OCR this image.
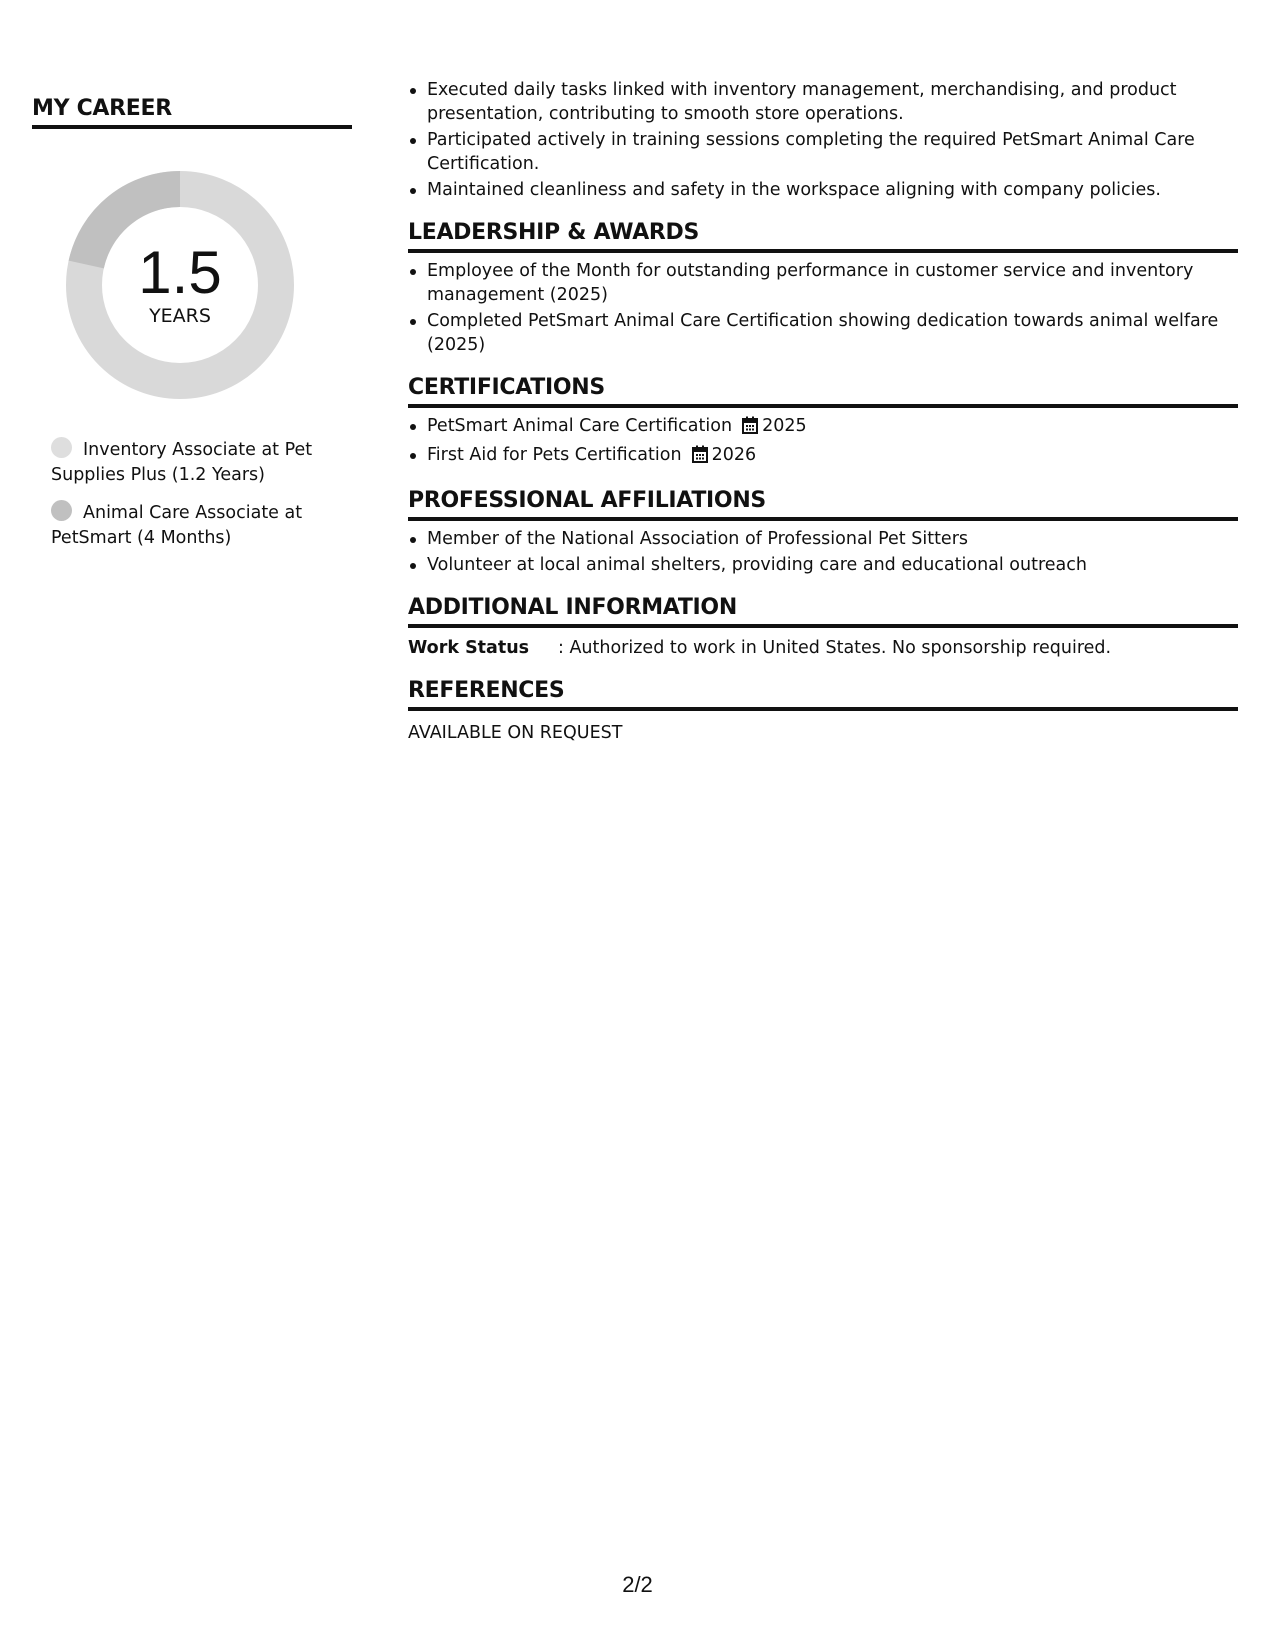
MY CAREER
1.5
YEARS
Inventory Associate at Pet Supplies Plus (1.2 Years)
Animal Care Associate at PetSmart (4 Months)
Executed daily tasks linked with inventory management, merchandising, and product presentation, contributing to smooth store operations.
Participated actively in training sessions completing the required PetSmart Animal Care Certification.
Maintained cleanliness and safety in the workspace aligning with company policies.
LEADERSHIP & AWARDS
Employee of the Month for outstanding performance in customer service and inventory management (2025)
Completed PetSmart Animal Care Certification showing dedication towards animal welfare (2025)
CERTIFICATIONS
PetSmart Animal Care Certification 2025
First Aid for Pets Certification 2026
PROFESSIONAL AFFILIATIONS
Member of the National Association of Professional Pet Sitters
Volunteer at local animal shelters, providing care and educational outreach
ADDITIONAL INFORMATION
Work Status : Authorized to work in United States. No sponsorship required.
REFERENCES
AVAILABLE ON REQUEST
2/2
